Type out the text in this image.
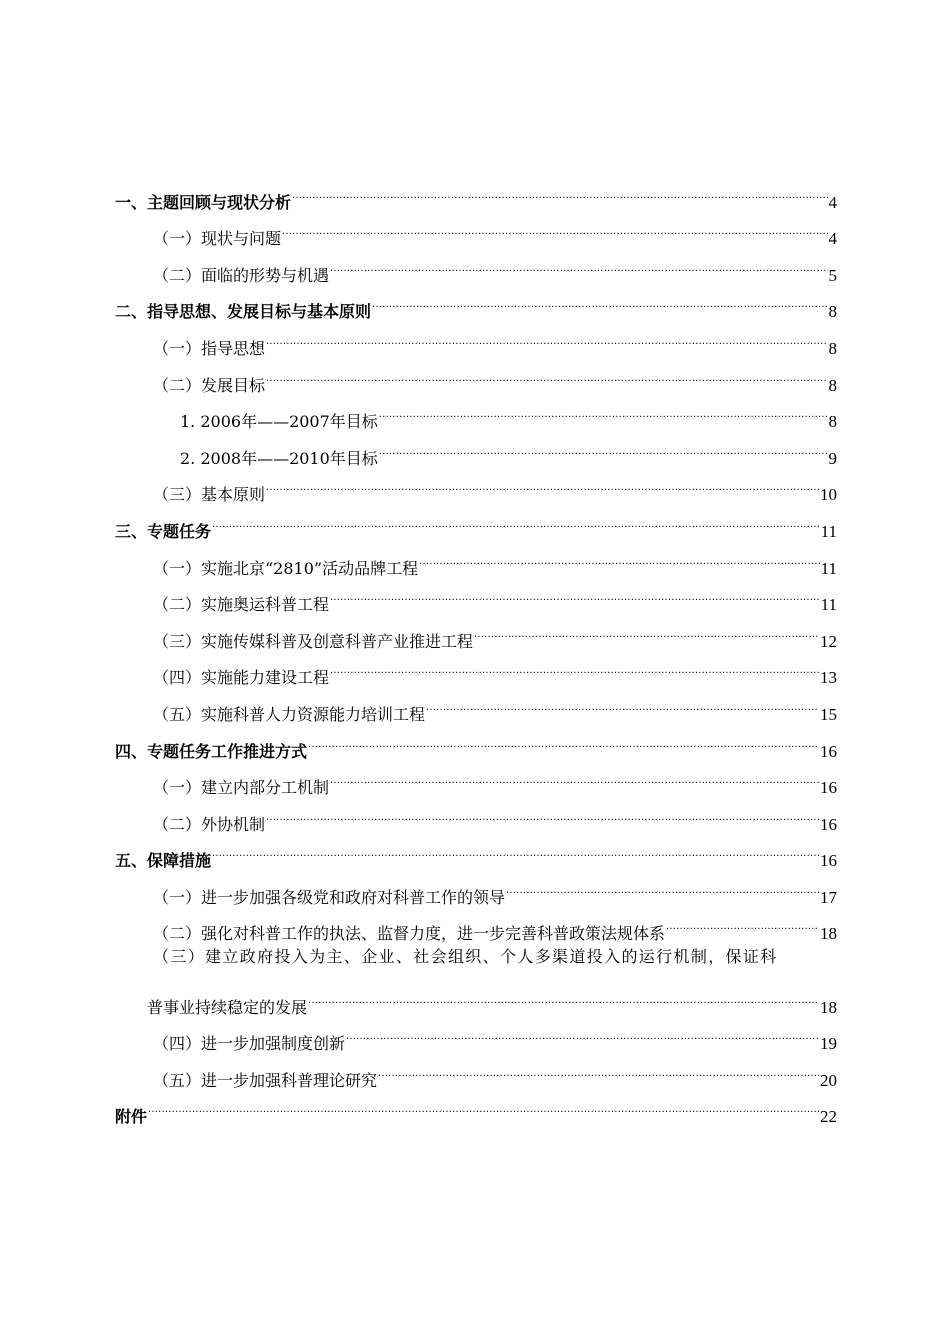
一、主题回顾与现状分析 .....	4
（一）现状与问题 .....	4
（二）面临的形势与机遇 .....	5
二、指导思想、发展目标与基本原则 .....	8
（一）指导思想 .....	8
（二）发展目标 .....	8
1. 2006年——2007年目标 .....	8
2. 2008年——2010年目标 .....	9
（三）基本原则 .....	10
三、专题任务 .....	11
（一）实施北京“2810”活动品牌工程 .....	11
（二）实施奥运科普工程 .....	11
（三）实施传媒科普及创意科普产业推进工程 .....	12
（四）实施能力建设工程 .....	13
（五）实施科普人力资源能力培训工程 .....	15
四、专题任务工作推进方式 .....	16
（一）建立内部分工机制 .....	16
（二）外协机制 .....	16
五、保障措施 .....	16
（一）进一步加强各级党和政府对科普工作的领导 .....	17
（二）强化对科普工作的执法、监督力度，进一步完善科普政策法规体系 .....	18
（三）建立政府投入为主、企业、社会组织、个人多渠道投入的运行机制，保证科
普事业持续稳定的发展 .....	18
（四）进一步加强制度创新 .....	19
（五）进一步加强科普理论研究 .....	20
附件 .....	22
